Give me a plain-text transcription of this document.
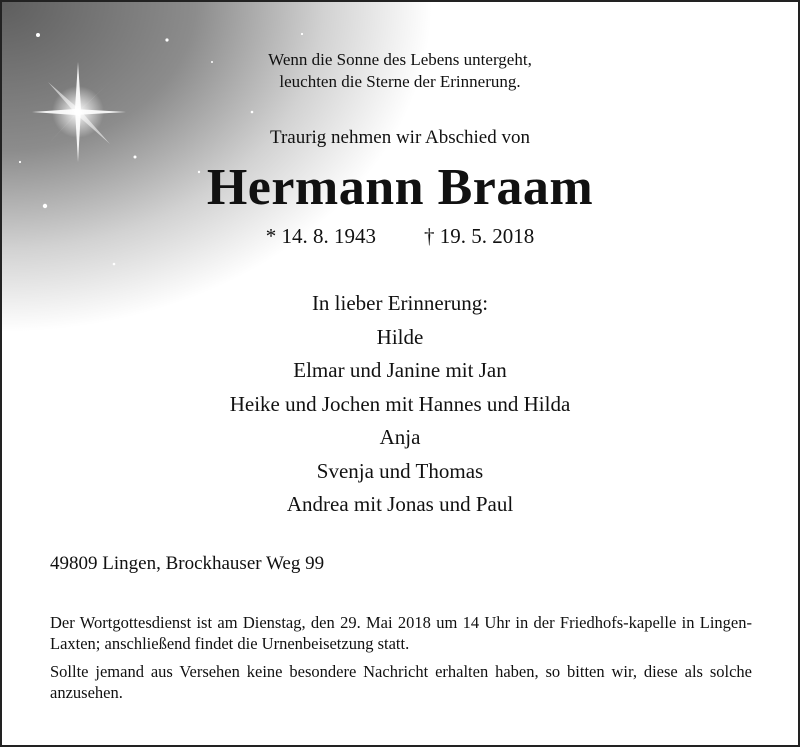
Wenn die Sonne des Lebens untergeht,
leuchten die Sterne der Erinnerung.
Traurig nehmen wir Abschied von
Hermann Braam
* 14. 8. 1943 † 19. 5. 2018
In lieber Erinnerung:
Hilde
Elmar und Janine mit Jan
Heike und Jochen mit Hannes und Hilda
Anja
Svenja und Thomas
Andrea mit Jonas und Paul
49809 Lingen, Brockhauser Weg 99
Der Wortgottesdienst ist am Dienstag, den 29. Mai 2018 um 14 Uhr in der Friedhofs-kapelle in Lingen-Laxten; anschließend findet die Urnenbeisetzung statt.
Sollte jemand aus Versehen keine besondere Nachricht erhalten haben, so bitten wir, diese als solche anzusehen.
